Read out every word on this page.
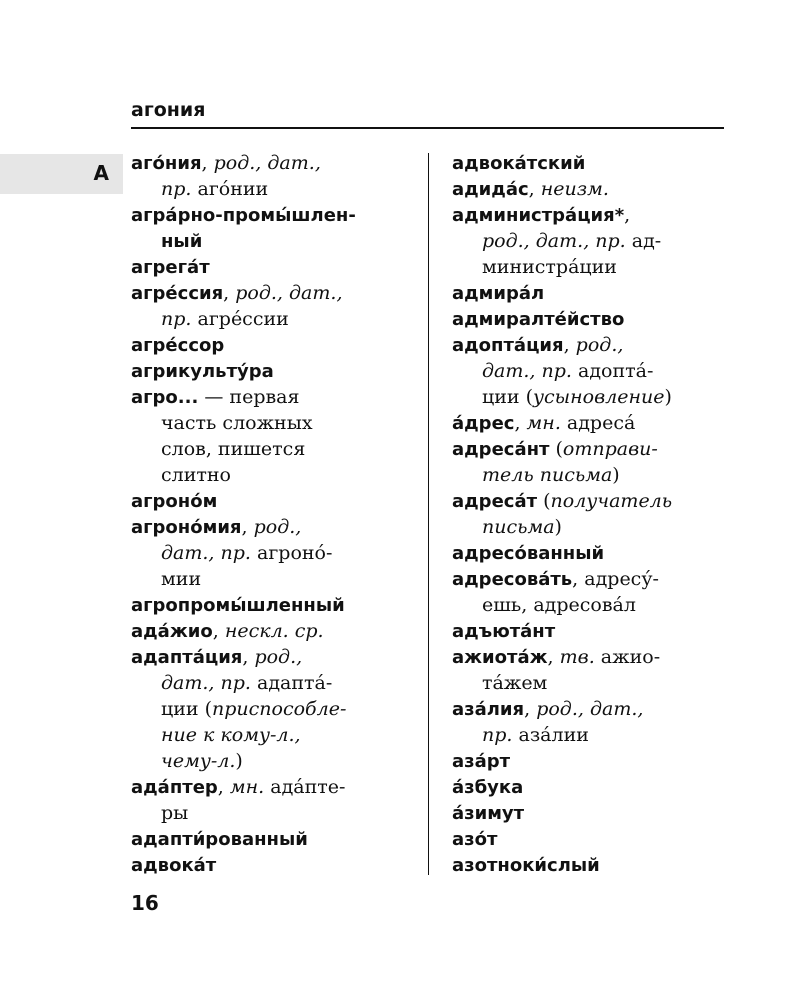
агония
А аго́ния, род., дат.,
пр. аго́нии
агра́рно-промы́шлен-
ный
агрега́т
агре́ссия, род., дат.,
пр. агре́ссии
агре́ссор
агрикульту́ра
агро... — первая
часть сложных
слов, пишется
слитно
агроно́м
агроно́мия, род.,
дат., пр. агроно́-
мии
агропромы́шленный
ада́жио, нескл. ср.
адапта́ция, род.,
дат., пр. адапта́-
ции (приспособле-
ние к кому-л.,
чему-л.)
ада́птер, мн. ада́пте-
ры
адапти́рованный
адвока́т
адвока́тский
адида́с, неизм.
администра́ция*,
род., дат., пр. ад-
министра́ции
адмира́л
адмиралте́йство
адопта́ция, род.,
дат., пр. адопта́-
ции (усыновление)
а́дрес, мн. адреса́
адреса́нт (отправи-
тель письма)
адреса́т (получатель
письма)
адресо́ванный
адресова́ть, адресу́-
ешь, адресова́л
адъюта́нт
ажиота́ж, тв. ажио-
та́жем
аза́лия, род., дат.,
пр. аза́лии
аза́рт
а́збука
а́зимут
азо́т
азотноки́слый
16
